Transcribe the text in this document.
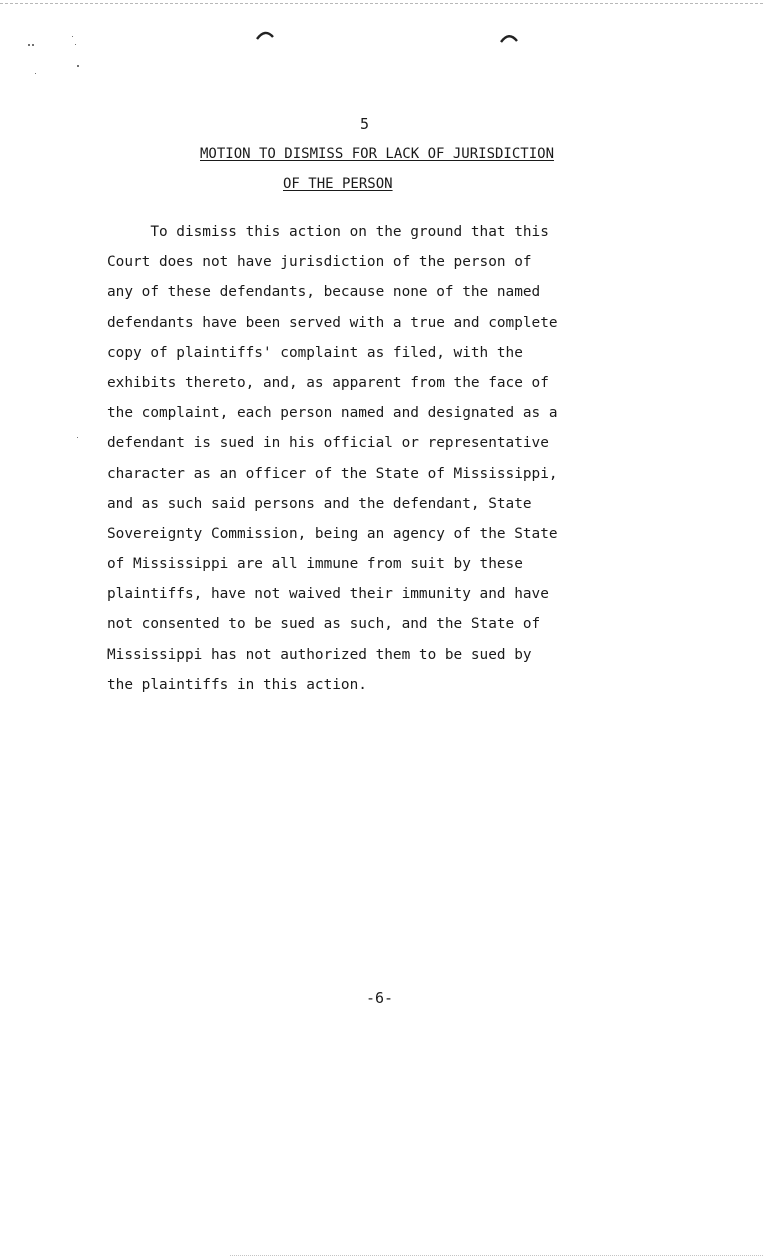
5
MOTION TO DISMISS FOR LACK OF JURISDICTION
OF THE PERSON
To dismiss this action on the ground that this
Court does not have jurisdiction of the person of
any of these defendants, because none of the named
defendants have been served with a true and complete
copy of plaintiffs' complaint as filed, with the
exhibits thereto, and, as apparent from the face of
the complaint, each person named and designated as a
defendant is sued in his official or representative
character as an officer of the State of Mississippi,
and as such said persons and the defendant, State
Sovereignty Commission, being an agency of the State
of Mississippi are all immune from suit by these
plaintiffs, have not waived their immunity and have
not consented to be sued as such, and the State of
Mississippi has not authorized them to be sued by
the plaintiffs in this action.
-6-
